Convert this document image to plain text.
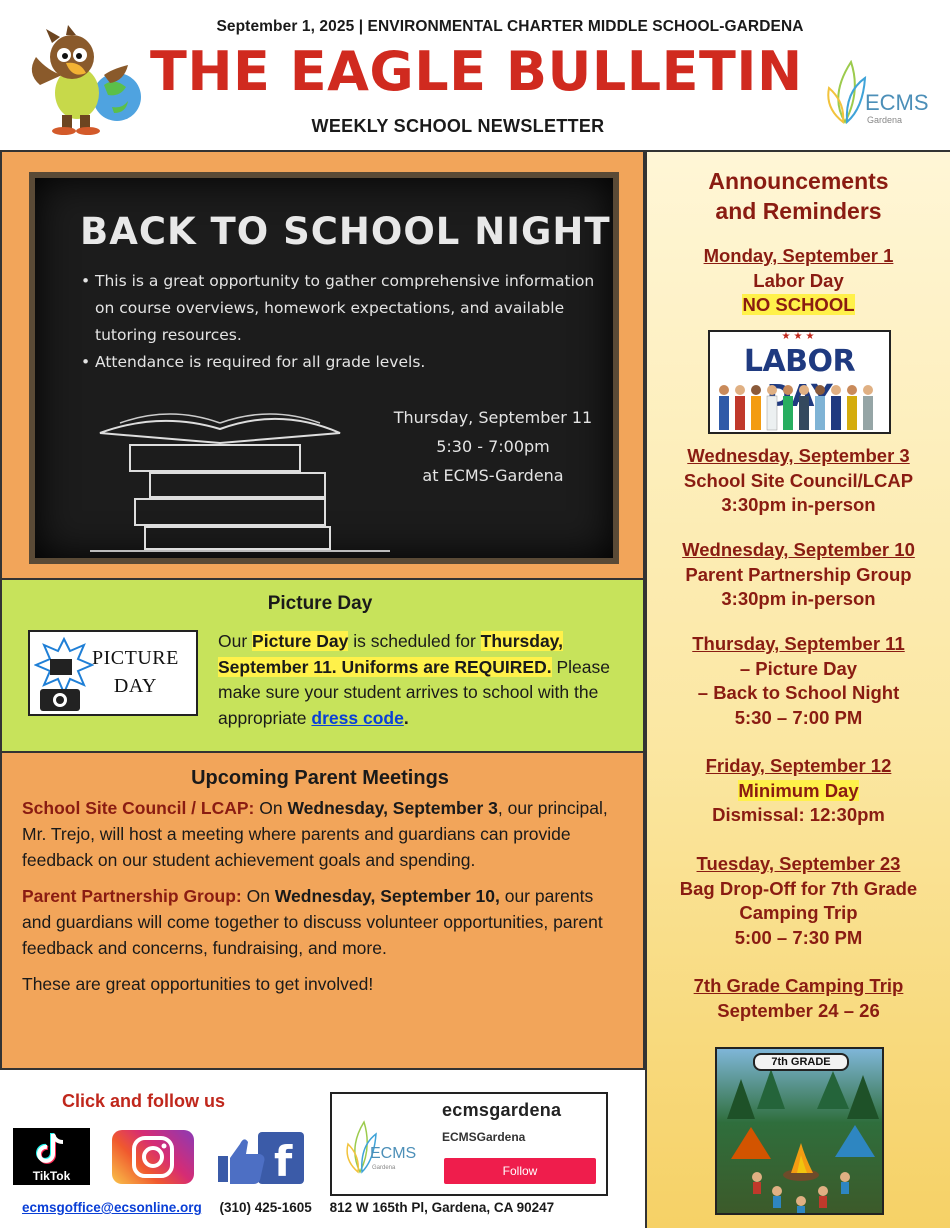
September 1, 2025 | ENVIRONMENTAL CHARTER MIDDLE SCHOOL-GARDENA
THE EAGLE BULLETIN
WEEKLY SCHOOL NEWSLETTER
ECMS
Gardena
BACK TO SCHOOL NIGHT
• This is a great opportunity to gather comprehensive information on course overviews, homework expectations, and available tutoring resources.
• Attendance is required for all grade levels.
Thursday, September 11
5:30 - 7:00pm
at ECMS-Gardena
Picture Day
PICTURE
DAY
Our Picture Day is scheduled for Thursday, September 11. Uniforms are REQUIRED. Please make sure your student arrives to school with the appropriate dress code.
Upcoming Parent Meetings

School Site Council / LCAP: On Wednesday, September 3, our principal, Mr. Trejo, will host a meeting where parents and guardians can provide feedback on our student achievement goals and spending.

Parent Partnership Group: On Wednesday, September 10, our parents and guardians will come together to discuss volunteer opportunities, parent feedback and concerns, fundraising, and more.

These are great opportunities to get involved!

Click and follow us
TikTok	f	ECMS
Gardena
ecmsgardena
ECMSGardena
Follow
ecmsgoffice@ecsonline.org (310) 425-1605 812 W 165th Pl, Gardena, CA 90247
Announcements
and Reminders
Monday, September 1
Labor Day
NO SCHOOL
★★★
LABOR
Wednesday, September 3
School Site Council/LCAP
3:30pm in-person
Wednesday, September 10
Parent Partnership Group
3:30pm in-person
Thursday, September 11
– Picture Day
– Back to School Night
5:30 – 7:00 PM
Friday, September 12
Minimum Day
Dismissal: 12:30pm
Tuesday, September 23
Bag Drop-Off for 7th Grade
Camping Trip
5:00 – 7:30 PM
7th Grade Camping Trip
September 24 – 26
7th GRADE
